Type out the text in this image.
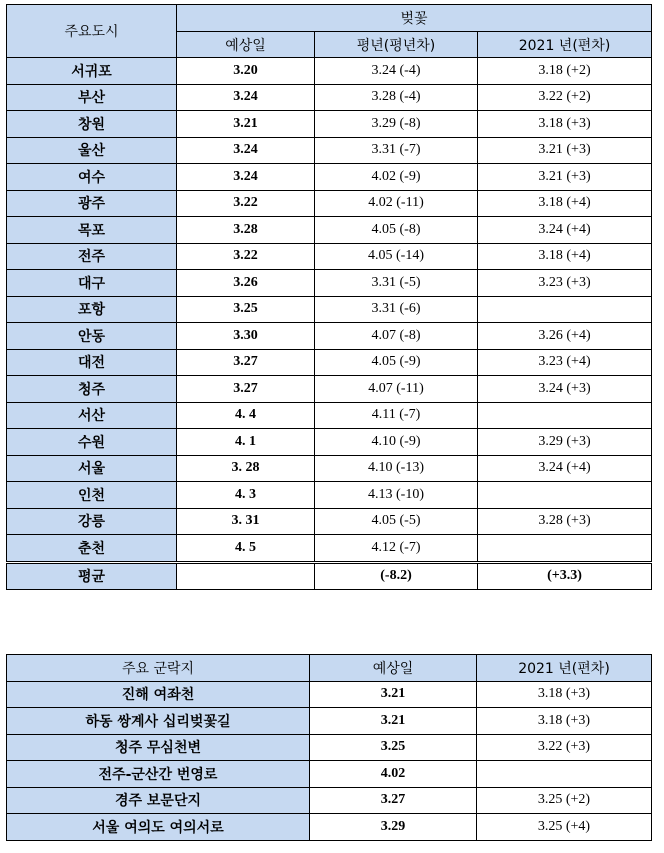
주요도시	벚꽃		
	예상일	평년(평년차)	2021 년(편차)
서귀포	3.20	3.24 (-4)	3.18 (+2)
부산	3.24	3.28 (-4)	3.22 (+2)
창원	3.21	3.29 (-8)	3.18 (+3)
울산	3.24	3.31 (-7)	3.21 (+3)
여수	3.24	4.02 (-9)	3.21 (+3)
광주	3.22	4.02 (-11)	3.18 (+4)
목포	3.28	4.05 (-8)	3.24 (+4)
전주	3.22	4.05 (-14)	3.18 (+4)
대구	3.26	3.31 (-5)	3.23 (+3)
포항	3.25	3.31 (-6)	
안동	3.30	4.07 (-8)	3.26 (+4)
대전	3.27	4.05 (-9)	3.23 (+4)
청주	3.27	4.07 (-11)	3.24 (+3)
서산	4. 4	4.11 (-7)	
수원	4. 1	4.10 (-9)	3.29 (+3)
서울	3. 28	4.10 (-13)	3.24 (+4)
인천	4. 3	4.13 (-10)	
강릉	3. 31	4.05 (-5)	3.28 (+3)
춘천	4. 5	4.12 (-7)	
평균		(-8.2)	(+3.3)
주요 군락지	예상일	2021 년(편차)
진해 여좌천	3.21	3.18 (+3)
하동 쌍계사 십리벚꽃길	3.21	3.18 (+3)
청주 무심천변	3.25	3.22 (+3)
전주-군산간 번영로	4.02	
경주 보문단지	3.27	3.25 (+2)
서울 여의도 여의서로	3.29	3.25 (+4)
